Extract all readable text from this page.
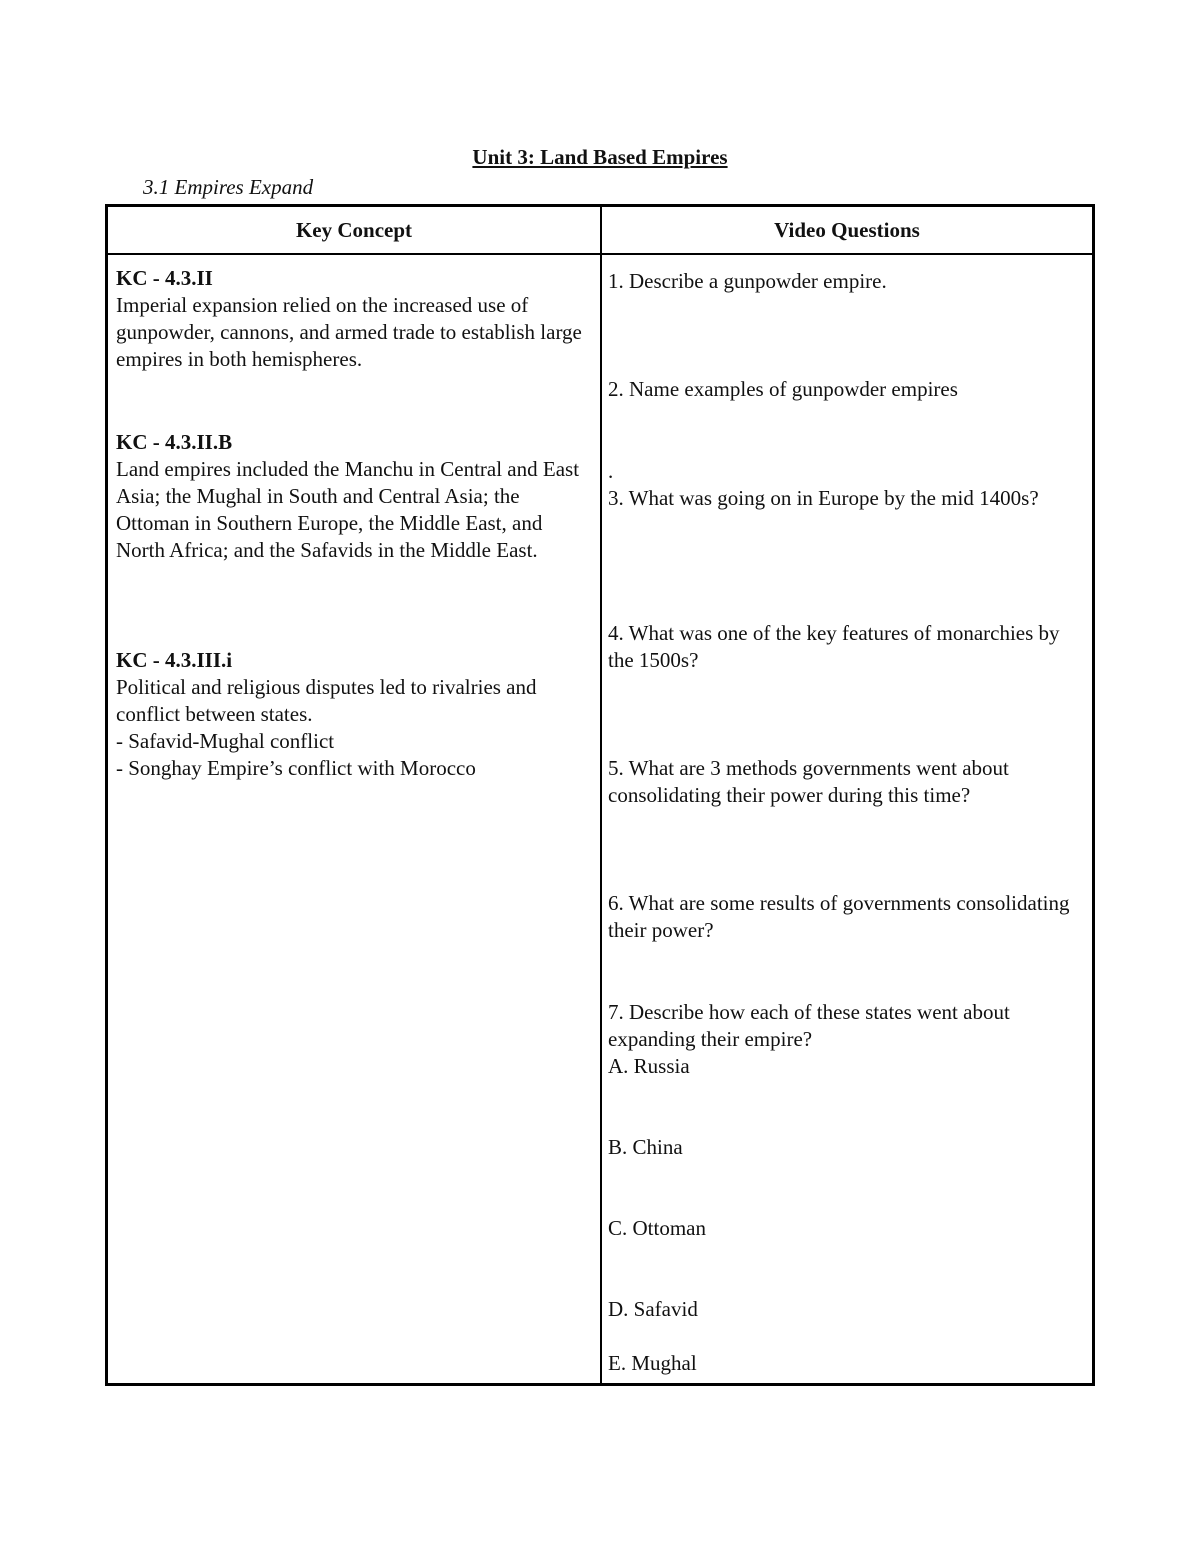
Unit 3: Land Based Empires
3.1 Empires Expand
Key Concept	Video Questions
KC - 4.3.II
Imperial expansion relied on the increased use of gunpowder, cannons, and armed trade to establish large empires in both hemispheres.
KC - 4.3.II.B
Land empires included the Manchu in Central and East Asia; the Mughal in South and Central Asia; the Ottoman in Southern Europe, the Middle East, and North Africa; and the Safavids in the Middle East.
KC - 4.3.III.i
Political and religious disputes led to rivalries and conflict between states.
- Safavid-Mughal conflict
- Songhay Empire’s conflict with Morocco
1. Describe a gunpowder empire.
2. Name examples of gunpowder empires
.
3. What was going on in Europe by the mid 1400s?
4. What was one of the key features of monarchies by the 1500s?
5. What are 3 methods governments went about consolidating their power during this time?
6. What are some results of governments consolidating their power?
7. Describe how each of these states went about expanding their empire?
A. Russia
B. China
C. Ottoman
D. Safavid
E. Mughal
